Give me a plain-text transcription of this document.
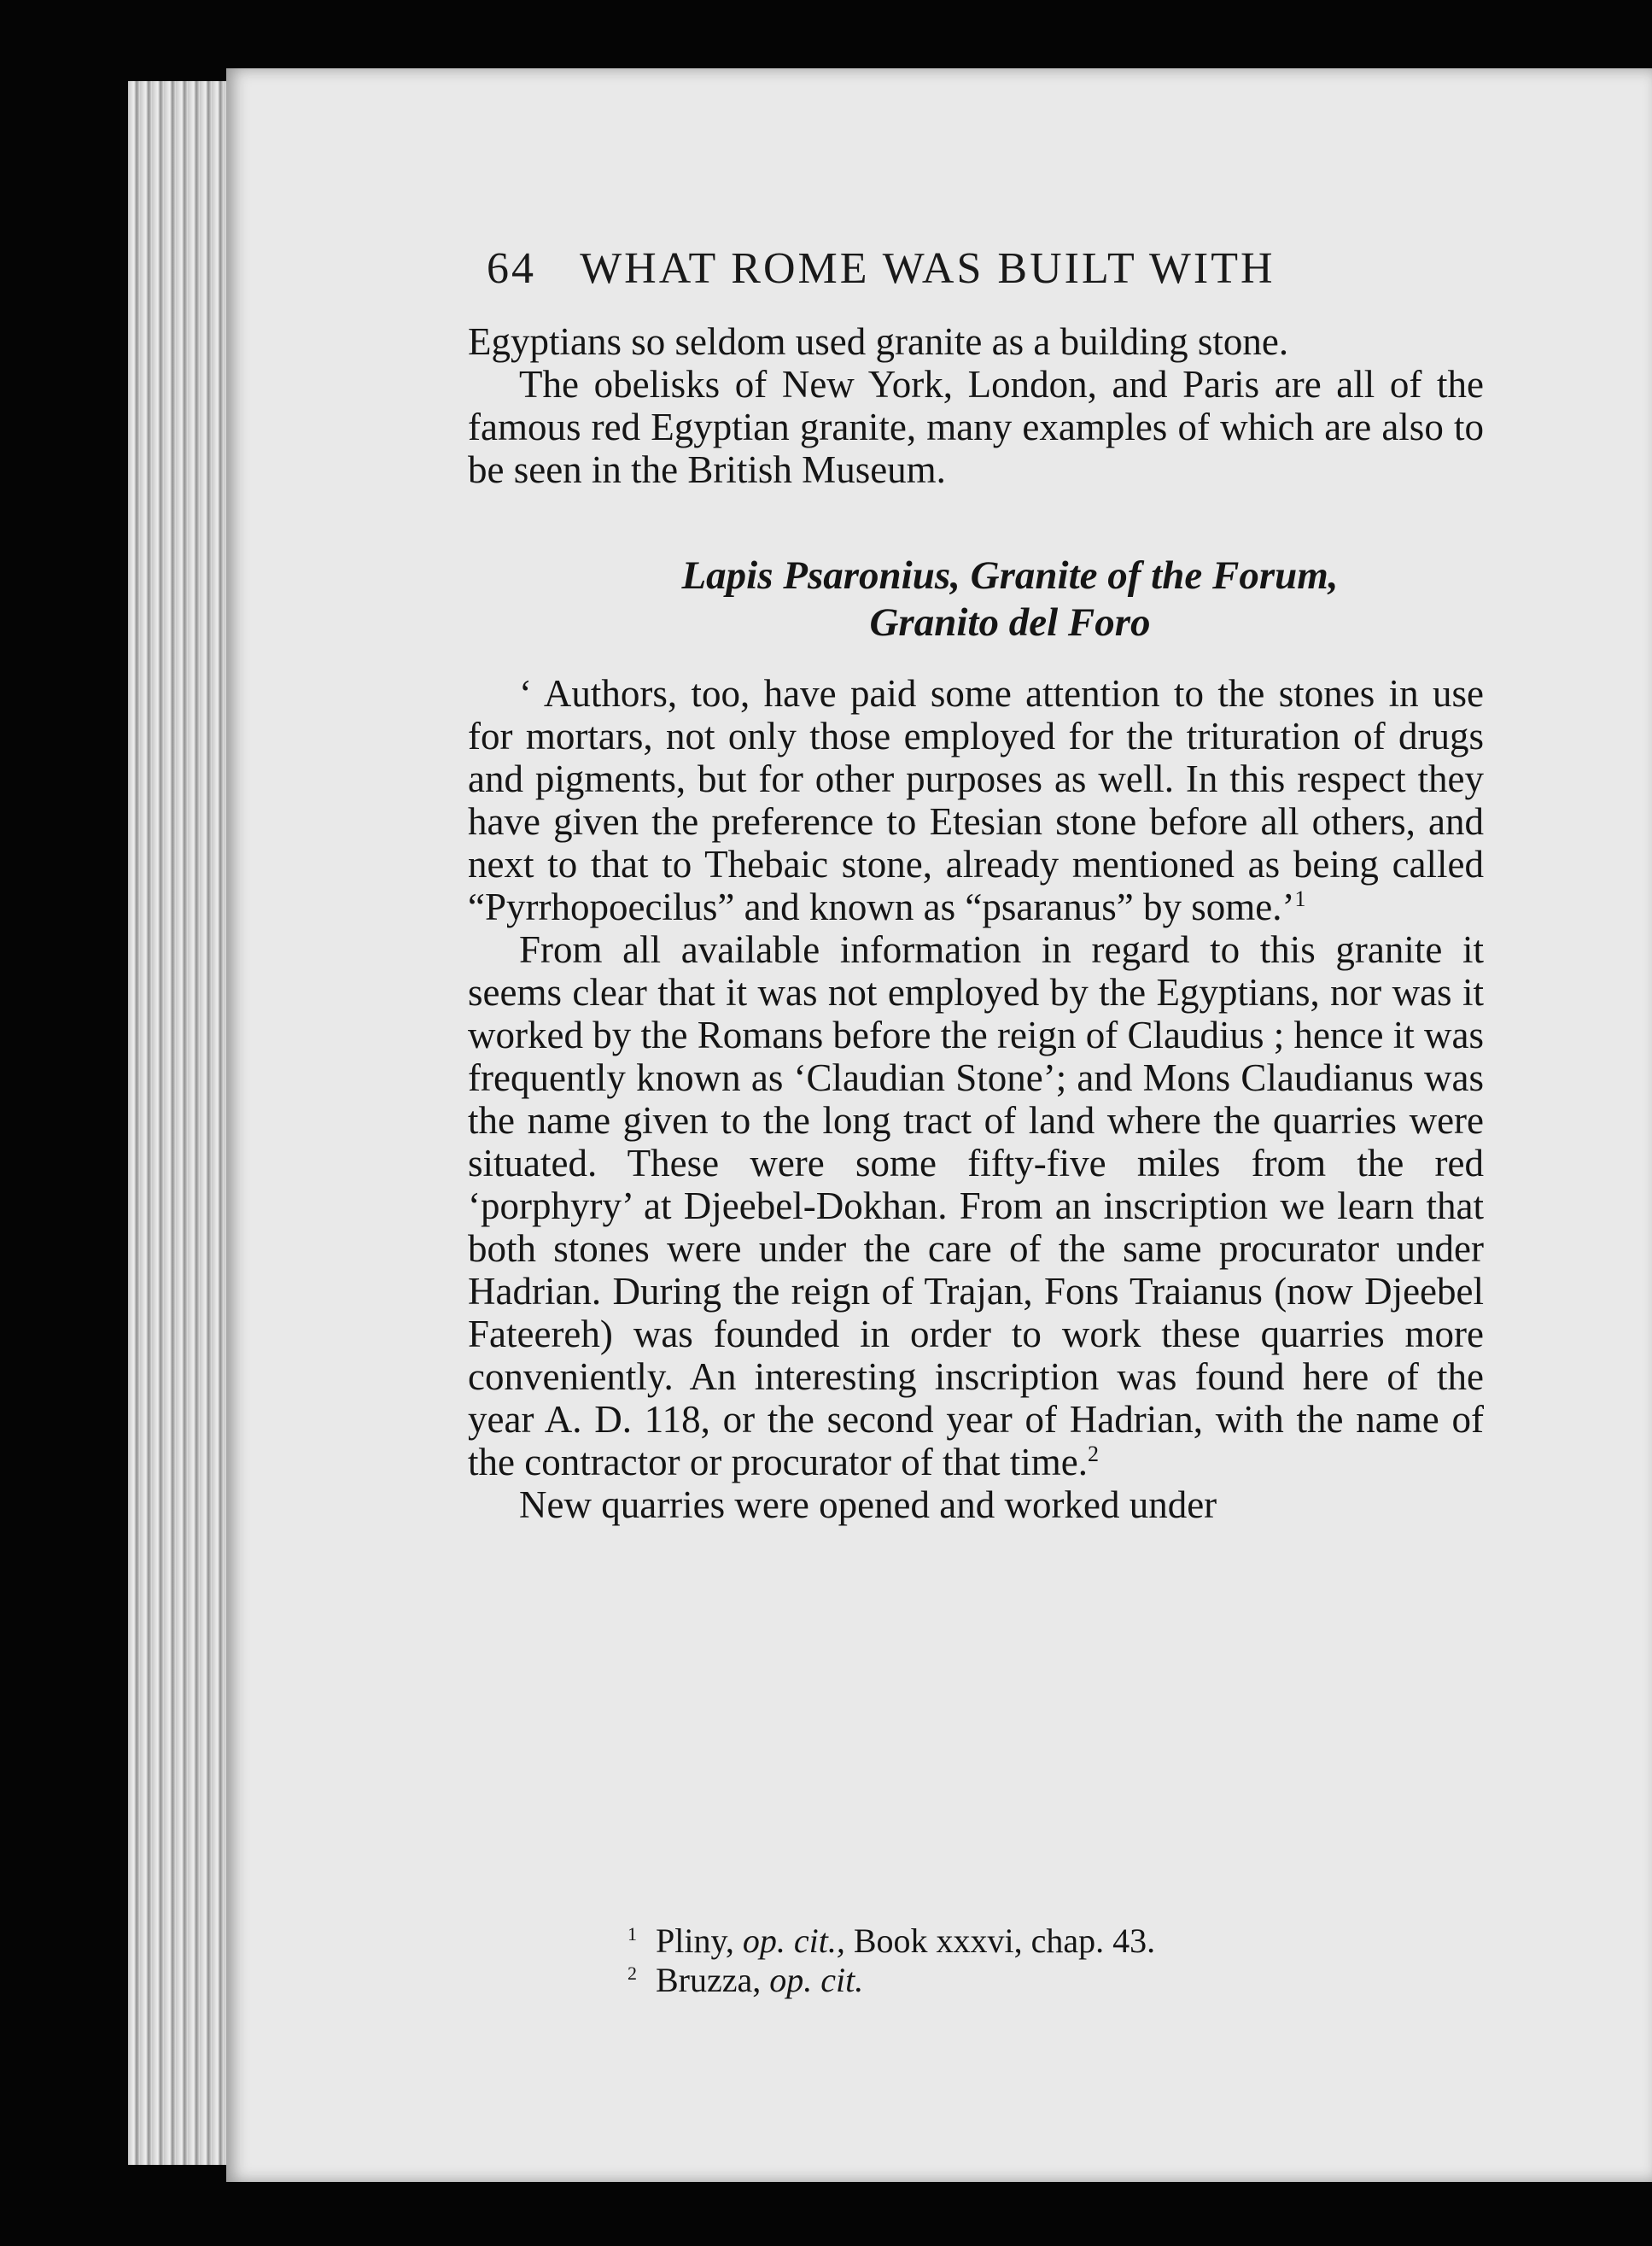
64 WHAT ROME WAS BUILT WITH

Egyptians so seldom used granite as a building stone.

The obelisks of New York, London, and Paris are all of the famous red Egyptian granite, many examples of which are also to be seen in the British Museum.

Lapis Psaronius, Granite of the Forum,
Granito del Foro

‘ Authors, too, have paid some attention to the stones in use for mortars, not only those employed for the trituration of drugs and pigments, but for other purposes as well. In this respect they have given the preference to Etesian stone before all others, and next to that to Thebaic stone, already mentioned as being called “Pyrrhopoecilus” and known as “psaranus” by some.’$^1$

From all available information in regard to this granite it seems clear that it was not employed by the Egyptians, nor was it worked by the Romans before the reign of Claudius ; hence it was frequently known as ‘Claudian Stone’; and Mons Claudianus was the name given to the long tract of land where the quarries were situated. These were some fifty-five miles from the red ‘porphyry’ at Djeebel-Dokhan. From an inscription we learn that both stones were under the care of the same procurator under Hadrian. During the reign of Trajan, Fons Traianus (now Djeebel Fateereh) was founded in order to work these quarries more conveniently. An interesting inscription was found here of the year A. D. 118, or the second year of Hadrian, with the name of the contractor or procurator of that time.$^2$

New quarries were opened and worked under

$^1$ Pliny, op. cit., Book xxxvi, chap. 43.
$^2$ Bruzza, op. cit.
